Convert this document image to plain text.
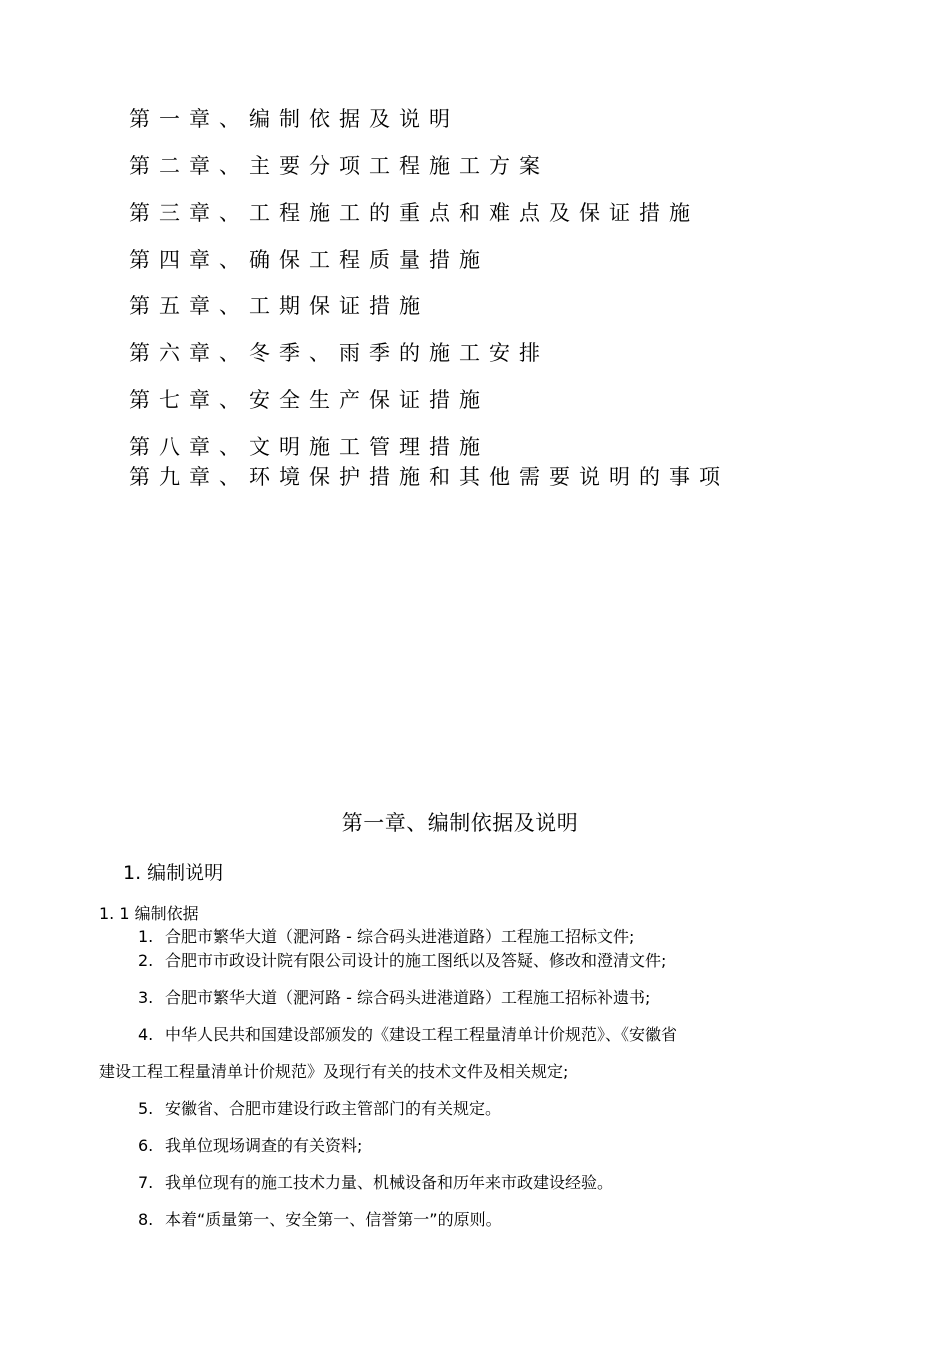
第一章、编制依据及说明
第二章、主要分项工程施工方案
第三章、工程施工的重点和难点及保证措施
第四章、确保工程质量措施
第五章、工期保证措施
第六章、冬季、雨季的施工安排
第七章、安全生产保证措施
第八章、文明施工管理措施
第九章、环境保护措施和其他需要说明的事项
第一章、编制依据及说明
1. 编制说明
1. 1 编制依据
1. 合肥市繁华大道（淝河路 - 综合码头进港道路）工程施工招标文件;
2. 合肥市市政设计院有限公司设计的施工图纸以及答疑、修改和澄清文件;
3. 合肥市繁华大道（淝河路 - 综合码头进港道路）工程施工招标补遗书;
4. 中华人民共和国建设部颁发的《建设工程工程量清单计价规范》、《安徽省
建设工程工程量清单计价规范》及现行有关的技术文件及相关规定;
5. 安徽省、合肥市建设行政主管部门的有关规定。
6. 我单位现场调查的有关资料;
7. 我单位现有的施工技术力量、机械设备和历年来市政建设经验。
8. 本着“质量第一、安全第一、信誉第一”的原则。
